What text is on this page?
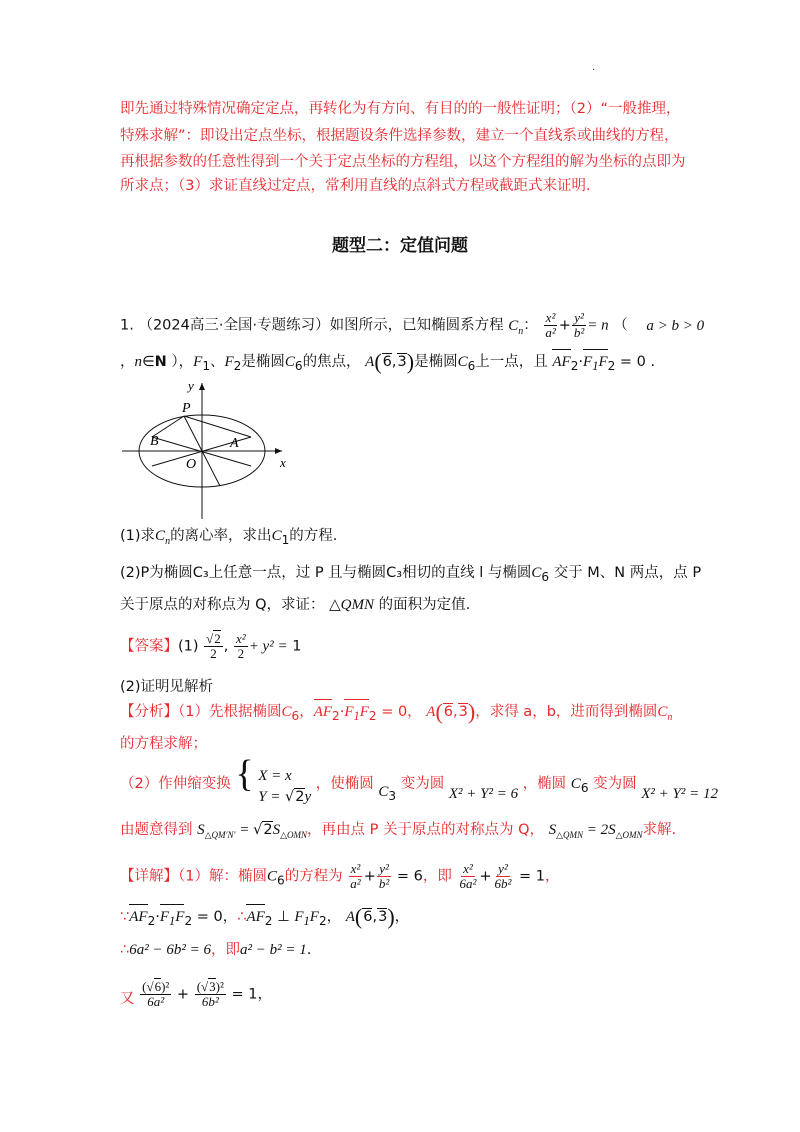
.
即先通过特殊情况确定定点，再转化为有方向、有目的的一般性证明；（2）“一般推理，
特殊求解”：即设出定点坐标，根据题设条件选择参数，建立一个直线系或曲线的方程，
再根据参数的任意性得到一个关于定点坐标的方程组，以这个方程组的解为坐标的点即为
所求点；（3）求证直线过定点，常利用直线的点斜式方程或截距式来证明.
题型二：定值问题
1. （2024高三·全国·专题练习）如图所示，已知椭圆系方程 $C_n$： $\frac{\text{x²}}{\text{a²}} + \frac{\text{y²}}{\text{b²}} = n$ （ a > b > 0
，n∈N ），$F_1$、$F_2$是椭圆$C_6$的焦点， A(6,3)是椭圆$C_6$上一点，且 $AF_2\cdot F_1F_2 = 0$ .
y
x
P
A
B
O
(1)求$C_n$的离心率，求出$C_1$的方程.
(2)P为椭圆C₃上任意一点，过 P 且与椭圆C₃相切的直线 l 与椭圆$C_6$ 交于 M、N 两点，点 P
关于原点的对称点为 Q，求证： △QMN 的面积为定值.
【答案】$(1) \frac{√2}{2}$ , $\frac{\text{x²}}{2} + y^2 = 1$
(2)证明见解析
【分析】（1）先根据椭圆$C_6$，$AF_2\cdot F_1F_2 = 0$， A(6,3)，求得 a，b，进而得到椭圆$C_n$
的方程求解；
（2）作伸缩变换 { X = x
Y = √2y ，使椭圆 $C_3$ 变为圆 X² + Y² = 6 ，椭圆 $C_6$ 变为圆 X² + Y² = 12
由题意得到 $S_{\triangle QM'N'} = √2S_{\triangle OMN}$，再由点 P 关于原点的对称点为 Q， $S_{\triangle QMN} = 2S_{\triangle OMN}$求解.
【详解】（1）解：椭圆$C_6$的方程为 $\frac{\text{x²}}{\text{a²}} + \frac{\text{y²}}{\text{b²}} = 6$，即 $\frac{\text{x²}}{\text{6a²}} + \frac{\text{y²}}{\text{6b²}} = 1$，
$\because AF_2\cdot F_1F_2 = 0$，$\therefore AF_2$ ⊥ $F_1F_2$， A(6,3)，
∴6a² − 6b² = 6，即a² − b² = 1.
又 $\frac{\text{(√6)²}}{\text{6a²}} + \frac{\text{(√3)²}}{\text{6b²}} = 1$，
